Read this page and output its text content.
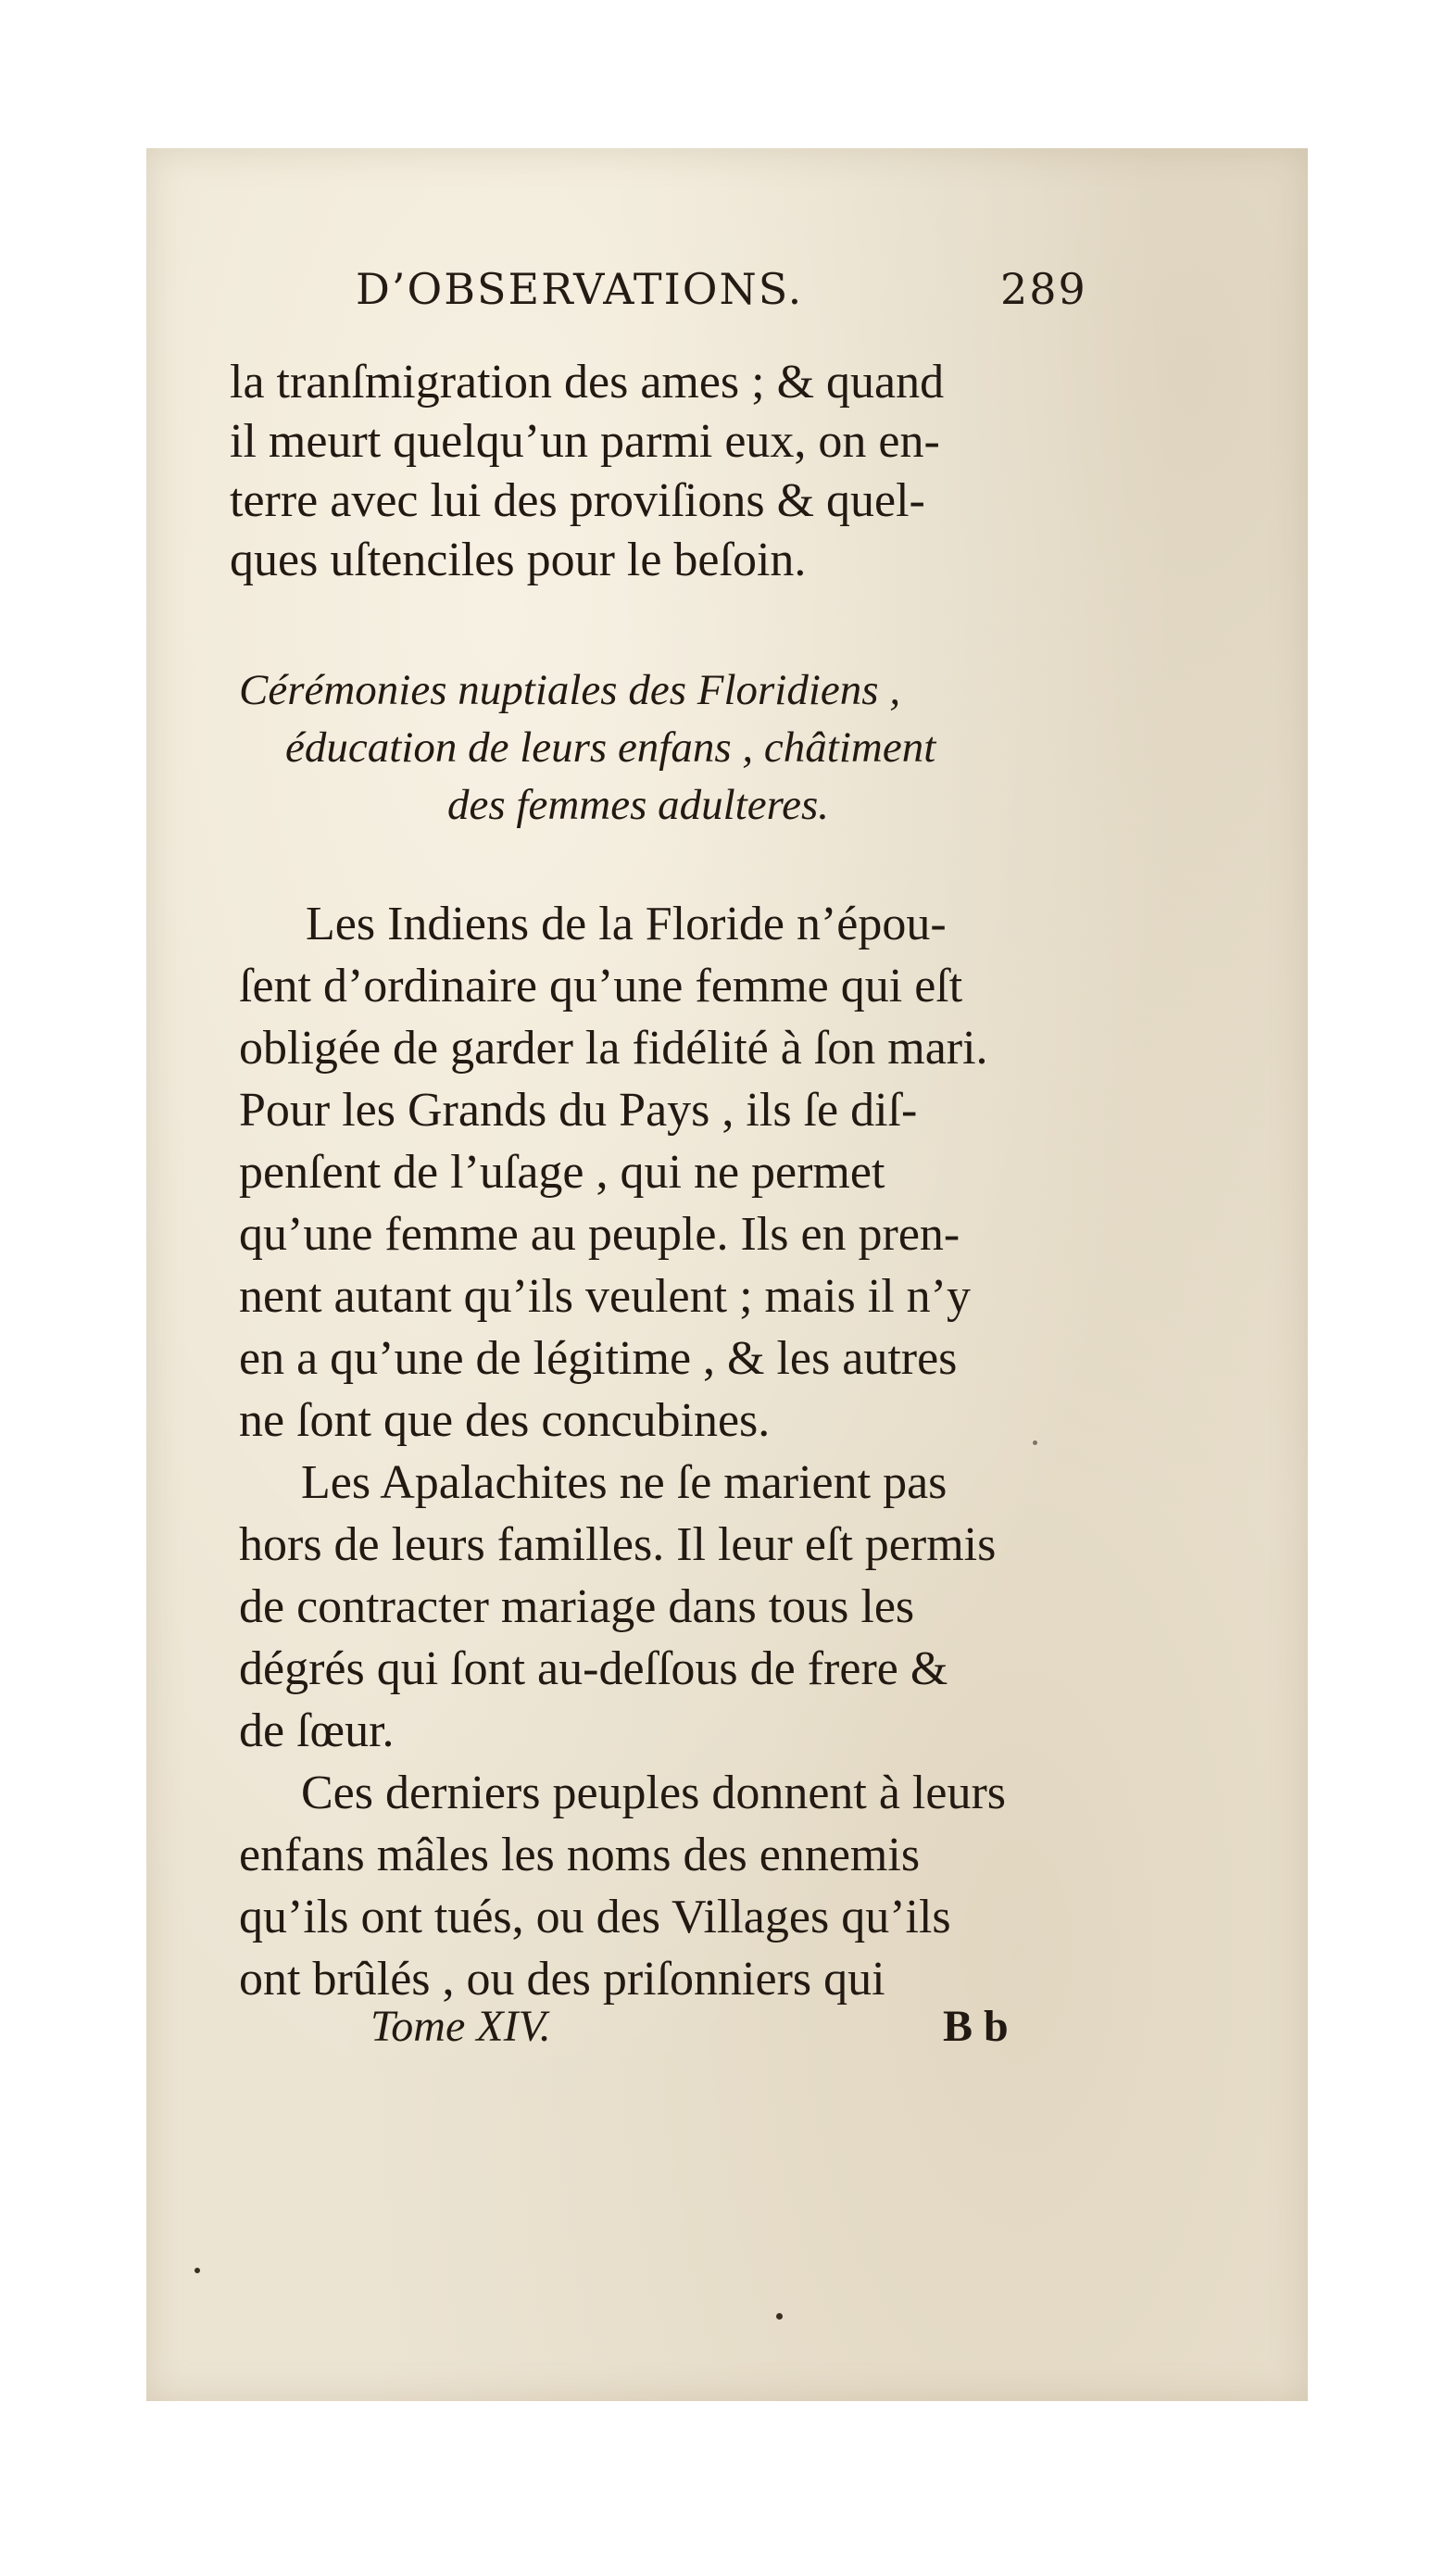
D’OBSERVATIONS.	289
la tranſmigration des ames ; & quand
il meurt quelqu’un parmi eux, on en-
terre avec lui des proviſions & quel-
ques uſtenciles pour le beſoin.
Cérémonies nuptiales des Floridiens ,
éducation de leurs enfans , châtiment
des femmes adulteres.
Les Indiens de la Floride n’épou-
ſent d’ordinaire qu’une femme qui eſt
obligée de garder la fidélité à ſon mari.
Pour les Grands du Pays , ils ſe diſ-
penſent de l’uſage , qui ne permet
qu’une femme au peuple. Ils en pren-
nent autant qu’ils veulent ; mais il n’y
en a qu’une de légitime , & les autres
ne ſont que des concubines.
Les Apalachites ne ſe marient pas
hors de leurs familles. Il leur eſt permis
de contracter mariage dans tous les
dégrés qui ſont au-deſſous de frere &
de ſœur.
Ces derniers peuples donnent à leurs
enfans mâles les noms des ennemis
qu’ils ont tués, ou des Villages qu’ils
ont brûlés , ou des priſonniers qui
Tome XIV.	B b
